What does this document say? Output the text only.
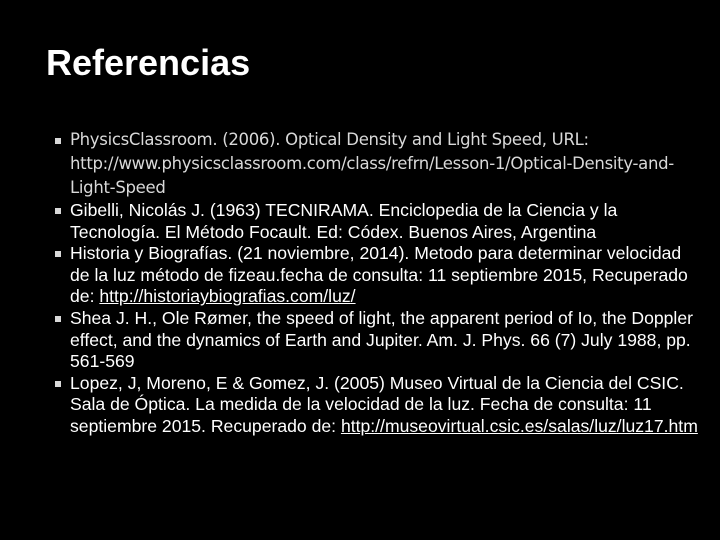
Referencias
PhysicsClassroom. (2006). Optical Density and Light Speed, URL: http://www.physicsclassroom.com/class/refrn/Lesson-1/Optical-Density-and-Light-Speed
Gibelli, Nicolás J. (1963) TECNIRAMA. Enciclopedia de la Ciencia y la Tecnología. El Método Focault. Ed: Códex. Buenos Aires, Argentina
Historia y Biografías. (21 noviembre, 2014). Metodo para determinar velocidad de la luz método de fizeau.fecha de consulta: 11 septiembre 2015, Recuperado de: http://historiaybiografias.com/luz/
Shea J. H., Ole Rømer, the speed of light, the apparent period of Io, the Doppler effect, and the dynamics of Earth and Jupiter. Am. J. Phys. 66 (7) July 1988, pp. 561-569
Lopez, J, Moreno, E & Gomez, J. (2005) Museo Virtual de la Ciencia del CSIC. Sala de Óptica. La medida de la velocidad de la luz. Fecha de consulta: 11 septiembre 2015. Recuperado de: http://museovirtual.csic.es/salas/luz/luz17.htm
